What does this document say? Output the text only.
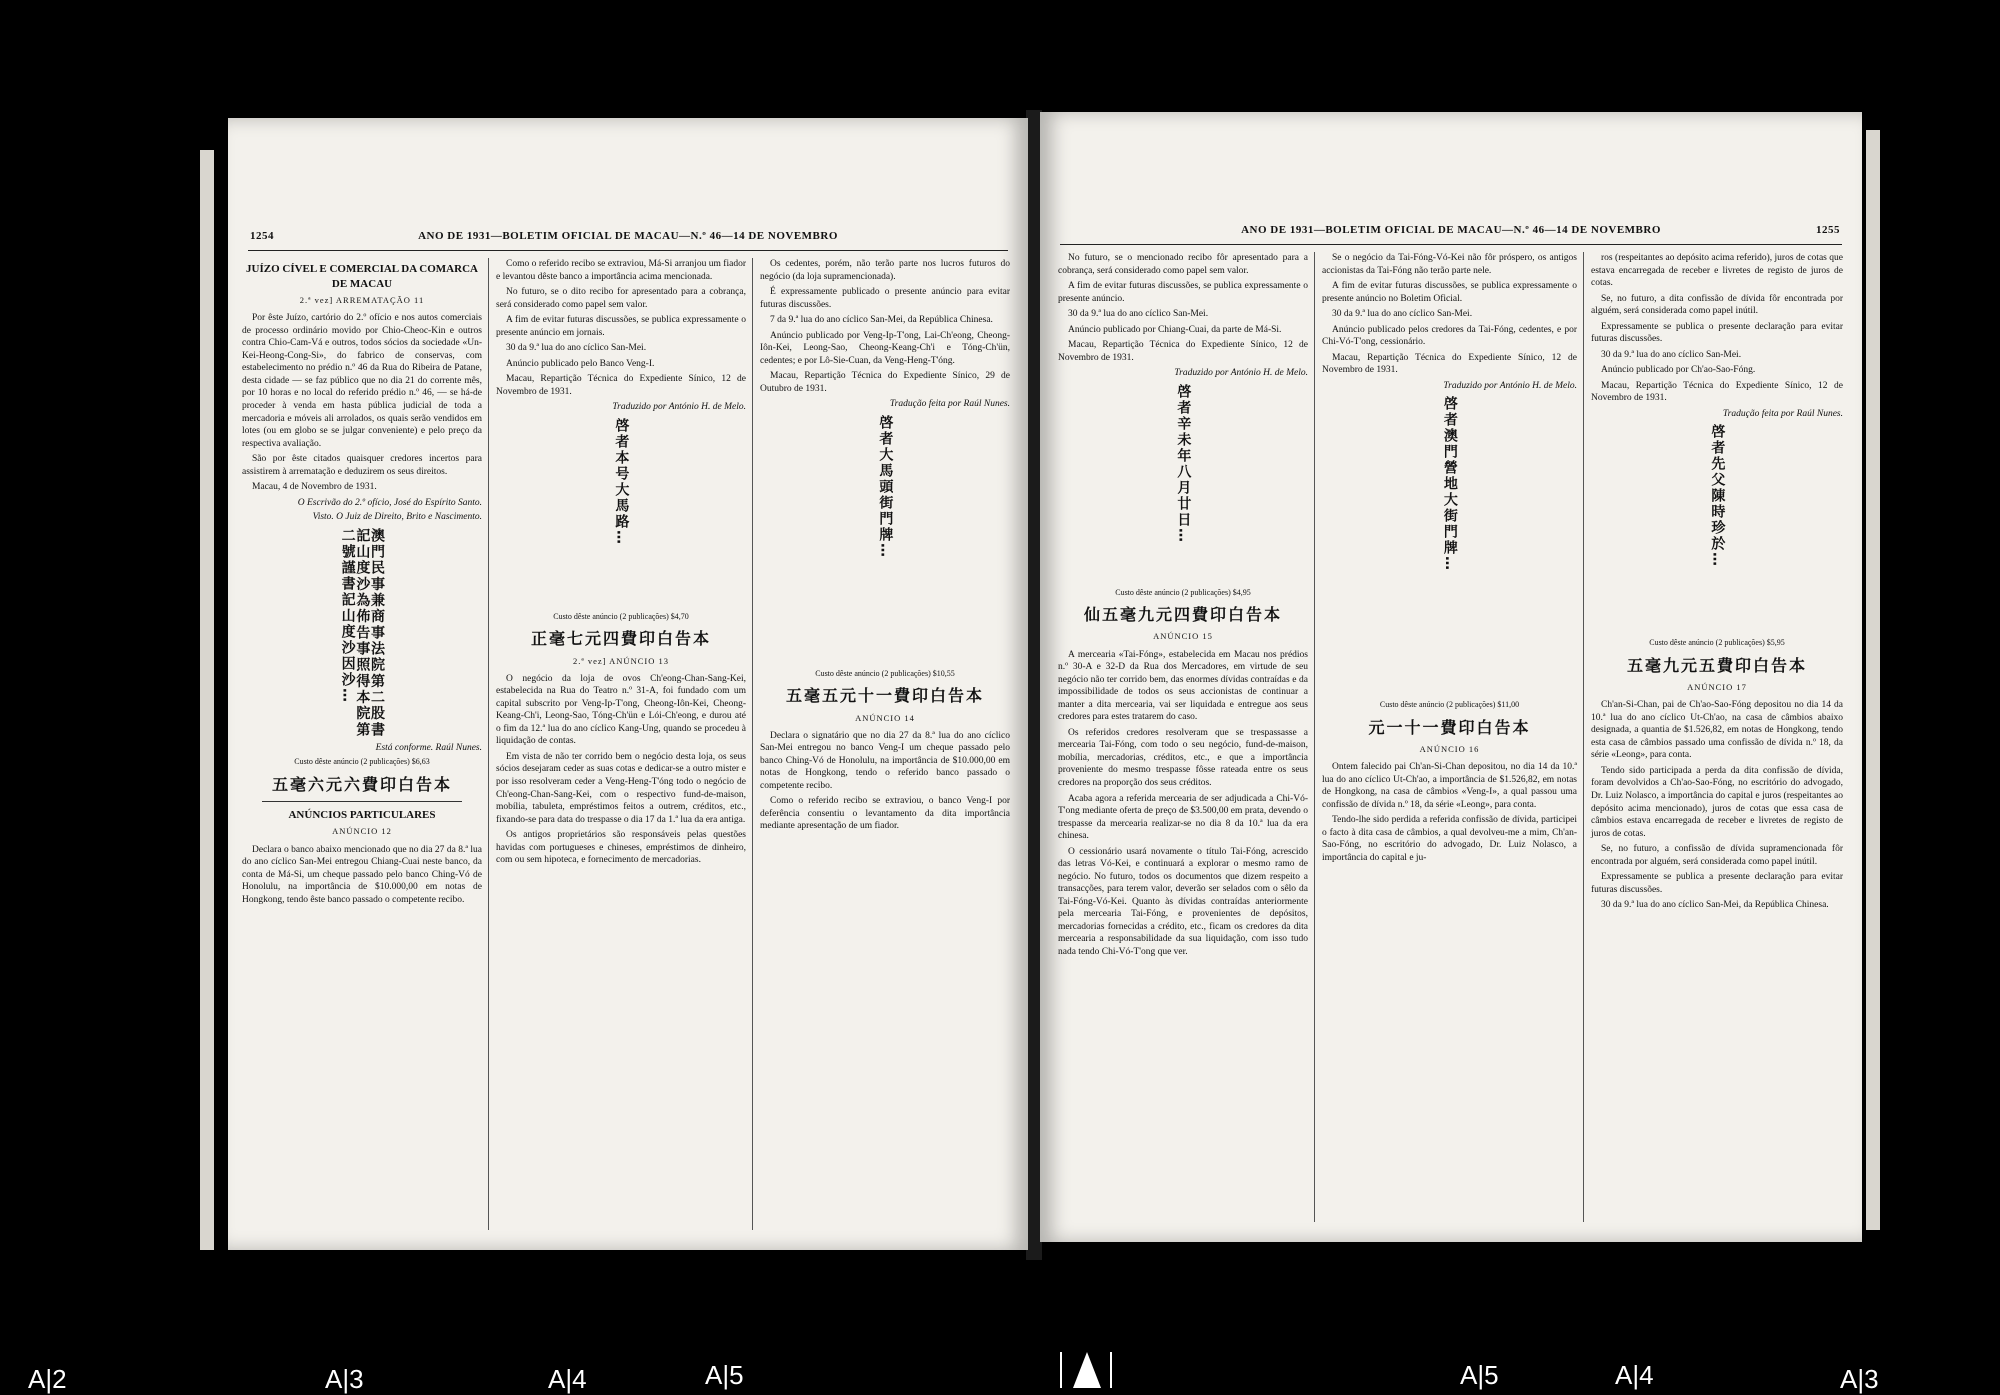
1254	ANO DE 1931—BOLETIM OFICIAL DE MACAU—N.º 46—14 DE NOVEMBRO
JUÍZO CÍVEL E COMERCIAL DA COMARCA DE MACAU
2.ª vez] ARREMATAÇÃO 11

Por êste Juízo, cartório do 2.º ofício e nos autos comerciais de processo ordinário movido por Chio-Cheoc-Kin e outros contra Chio-Cam-Vá e outros, todos sócios da sociedade «Un-Kei-Heong-Cong-Si», do fabrico de conservas, com estabelecimento no prédio n.º 46 da Rua do Ribeira de Patane, desta cidade — se faz público que no dia 21 do corrente mês, por 10 horas e no local do referido prédio n.º 46, — se há-de proceder à venda em hasta pública judicial de toda a mercadoria e móveis ali arrolados, os quais serão vendidos em lotes (ou em globo se se julgar conveniente) e pelo preço da respectiva avaliação.

São por êste citados quaisquer credores incertos para assistirem à arrematação e deduzirem os seus direitos.

Macau, 4 de Novembro de 1931.

O Escrivão do 2.º ofício, José do Espírito Santo.
Visto. O Juiz de Direito, Brito e Nascimento.
澳門民事兼商事法院第二股書記山度沙為佈告事照得本院第二號謹書記山度沙因沙…
Está conforme. Raúl Nunes.
Custo dêste anúncio (2 publicações) $6,63
五毫六元六費印白告本
ANÚNCIOS PARTICULARES
ANÚNCIO 12

Declara o banco abaixo mencionado que no dia 27 da 8.ª lua do ano cíclico San-Mei entregou Chiang-Cuai neste banco, da conta de Má-Si, um cheque passado pelo banco Ching-Vó de Honolulu, na importância de $10.000,00 em notas de Hongkong, tendo êste banco passado o competente recibo.

Como o referido recibo se extraviou, Má-Si arranjou um fiador e levantou dêste banco a importância acima mencionada.

No futuro, se o dito recibo for apresentado para a cobrança, será considerado como papel sem valor.

A fim de evitar futuras discussões, se publica expressamente o presente anúncio em jornais.

30 da 9.ª lua do ano cíclico San-Mei.

Anúncio publicado pelo Banco Veng-I.

Macau, Repartição Técnica do Expediente Sínico, 12 de Novembro de 1931.

Traduzido por António H. de Melo.
啓者本号大馬路…
Custo dêste anúncio (2 publicações) $4,70
正毫七元四費印白告本
2.ª vez] ANÚNCIO 13

O negócio da loja de ovos Ch'eong-Chan-Sang-Kei, estabelecida na Rua do Teatro n.º 31-A, foi fundado com um capital subscrito por Veng-Ip-T'ong, Cheong-Iôn-Kei, Cheong-Keang-Ch'i, Leong-Sao, Tóng-Ch'ün e Lói-Ch'eong, e durou até o fim da 12.ª lua do ano cíclico Kang-Ung, quando se procedeu à liquidação de contas.

Em vista de não ter corrido bem o negócio desta loja, os seus sócios desejaram ceder as suas cotas e dedicar-se a outro mister e por isso resolveram ceder a Veng-Heng-T'óng todo o negócio de Ch'eong-Chan-Sang-Kei, com o respectivo fund-de-maison, mobília, tabuleta, empréstimos feitos a outrem, créditos, etc., fixando-se para data do trespasse o dia 17 da 1.ª lua da era antiga.

Os antigos proprietários são responsáveis pelas questões havidas com portugueses e chineses, empréstimos de dinheiro, com ou sem hipoteca, e fornecimento de mercadorias.

Os cedentes, porém, não terão parte nos lucros futuros do negócio (da loja supramencionada).

É expressamente publicado o presente anúncio para evitar futuras discussões.

7 da 9.ª lua do ano cíclico San-Mei, da República Chinesa.

Anúncio publicado por Veng-Ip-T'ong, Lai-Ch'eong, Cheong-Iôn-Kei, Leong-Sao, Cheong-Keang-Ch'i e Tóng-Ch'ün, cedentes; e por Lô-Sie-Cuan, da Veng-Heng-T'óng.

Macau, Repartição Técnica do Expediente Sínico, 29 de Outubro de 1931.

Tradução feita por Raúl Nunes.
啓者大馬頭街門牌…
Custo dêste anúncio (2 publicações) $10,55
五毫五元十一費印白告本
ANÚNCIO 14

Declara o signatário que no dia 27 da 8.ª lua do ano cíclico San-Mei entregou no banco Veng-I um cheque passado pelo banco Ching-Vó de Honolulu, na importância de $10.000,00 em notas de Hongkong, tendo o referido banco passado o competente recibo.

Como o referido recibo se extraviou, o banco Veng-I por deferência consentiu o levantamento da dita importância mediante apresentação de um fiador.

ANO DE 1931—BOLETIM OFICIAL DE MACAU—N.º 46—14 DE NOVEMBRO	1255

No futuro, se o mencionado recibo fôr apresentado para a cobrança, será considerado como papel sem valor.

A fim de evitar futuras discussões, se publica expressamente o presente anúncio.

30 da 9.ª lua do ano cíclico San-Mei.

Anúncio publicado por Chiang-Cuai, da parte de Má-Si.

Macau, Repartição Técnica do Expediente Sínico, 12 de Novembro de 1931.

Traduzido por António H. de Melo.
啓者辛未年八月廿日…
Custo dêste anúncio (2 publicações) $4,95
仙五毫九元四費印白告本
ANÚNCIO 15

A mercearia «Tai-Fóng», estabelecida em Macau nos prédios n.º 30-A e 32-D da Rua dos Mercadores, em virtude de seu negócio não ter corrido bem, das enormes dívidas contraídas e da impossibilidade de todos os seus accionistas de continuar a manter a dita mercearia, vai ser liquidada e entregue aos seus credores para estes tratarem do caso.

Os referidos credores resolveram que se trespassasse a mercearia Tai-Fóng, com todo o seu negócio, fund-de-maison, mobília, mercadorias, créditos, etc., e que a importância proveniente do mesmo trespasse fôsse rateada entre os seus credores na proporção dos seus créditos.

Acaba agora a referida mercearia de ser adjudicada a Chi-Vó-T'ong mediante oferta de preço de $3.500,00 em prata, devendo o trespasse da mercearia realizar-se no dia 8 da 10.ª lua da era chinesa.

O cessionário usará novamente o título Tai-Fóng, acrescido das letras Vó-Kei, e continuará a explorar o mesmo ramo de negócio. No futuro, todos os documentos que dizem respeito a transacções, para terem valor, deverão ser selados com o sêlo da Tai-Fóng-Vó-Kei. Quanto às dívidas contraídas anteriormente pela mercearia Tai-Fóng, e provenientes de depósitos, mercadorias fornecidas a crédito, etc., ficam os credores da dita mercearia a responsabilidade da sua liquidação, com isso tudo nada tendo Chi-Vó-T'ong que ver.

Se o negócio da Tai-Fóng-Vó-Kei não fôr próspero, os antigos accionistas da Tai-Fóng não terão parte nele.

A fim de evitar futuras discussões, se publica expressamente o presente anúncio no Boletim Oficial.

30 da 9.ª lua do ano cíclico San-Mei.

Anúncio publicado pelos credores da Tai-Fóng, cedentes, e por Chi-Vó-T'ong, cessionário.

Macau, Repartição Técnica do Expediente Sínico, 12 de Novembro de 1931.

Traduzido por António H. de Melo.
啓者澳門營地大街門牌…
Custo dêste anúncio (2 publicações) $11,00
元一十一費印白告本
ANÚNCIO 16

Ontem falecido pai Ch'an-Si-Chan depositou, no dia 14 da 10.ª lua do ano cíclico Ut-Ch'ao, a importância de $1.526,82, em notas de Hongkong, na casa de câmbios «Veng-I», a qual passou uma confissão de dívida n.º 18, da série «Leong», para conta.

Tendo-lhe sido perdida a referida confissão de dívida, participei o facto à dita casa de câmbios, a qual devolveu-me a mim, Ch'an-Sao-Fóng, no escritório do advogado, Dr. Luiz Nolasco, a importância do capital e ju-

ros (respeitantes ao depósito acima referido), juros de cotas que estava encarregada de receber e livretes de registo de juros de cotas.

Se, no futuro, a dita confissão de dívida fôr encontrada por alguém, será considerada como papel inútil.

Expressamente se publica o presente declaração para evitar futuras discussões.

30 da 9.ª lua do ano cíclico San-Mei.

Anúncio publicado por Ch'ao-Sao-Fóng.

Macau, Repartição Técnica do Expediente Sínico, 12 de Novembro de 1931.

Tradução feita por Raúl Nunes.
啓者先父陳時珍於…
Custo dêste anúncio (2 publicações) $5,95
五毫九元五費印白告本
ANÚNCIO 17

Ch'an-Si-Chan, pai de Ch'ao-Sao-Fóng depositou no dia 14 da 10.ª lua do ano cíclico Ut-Ch'ao, na casa de câmbios abaixo designada, a quantia de $1.526,82, em notas de Hongkong, tendo esta casa de câmbios passado uma confissão de dívida n.º 18, da série «Leong», para conta.

Tendo sido participada a perda da dita confissão de dívida, foram devolvidos a Ch'ao-Sao-Fóng, no escritório do advogado, Dr. Luiz Nolasco, a importância do capital e juros (respeitantes ao depósito acima mencionado), juros de cotas que essa casa de câmbios estava encarregada de receber e livretes de registo de juros de cotas.

Se, no futuro, a confissão de dívida supramencionada fôr encontrada por alguém, será considerada como papel inútil.

Expressamente se publica a presente declaração para evitar futuras discussões.

30 da 9.ª lua do ano cíclico San-Mei, da República Chinesa.

A|2	A|3	A|4	A|5	A|5	A|4	A|3
